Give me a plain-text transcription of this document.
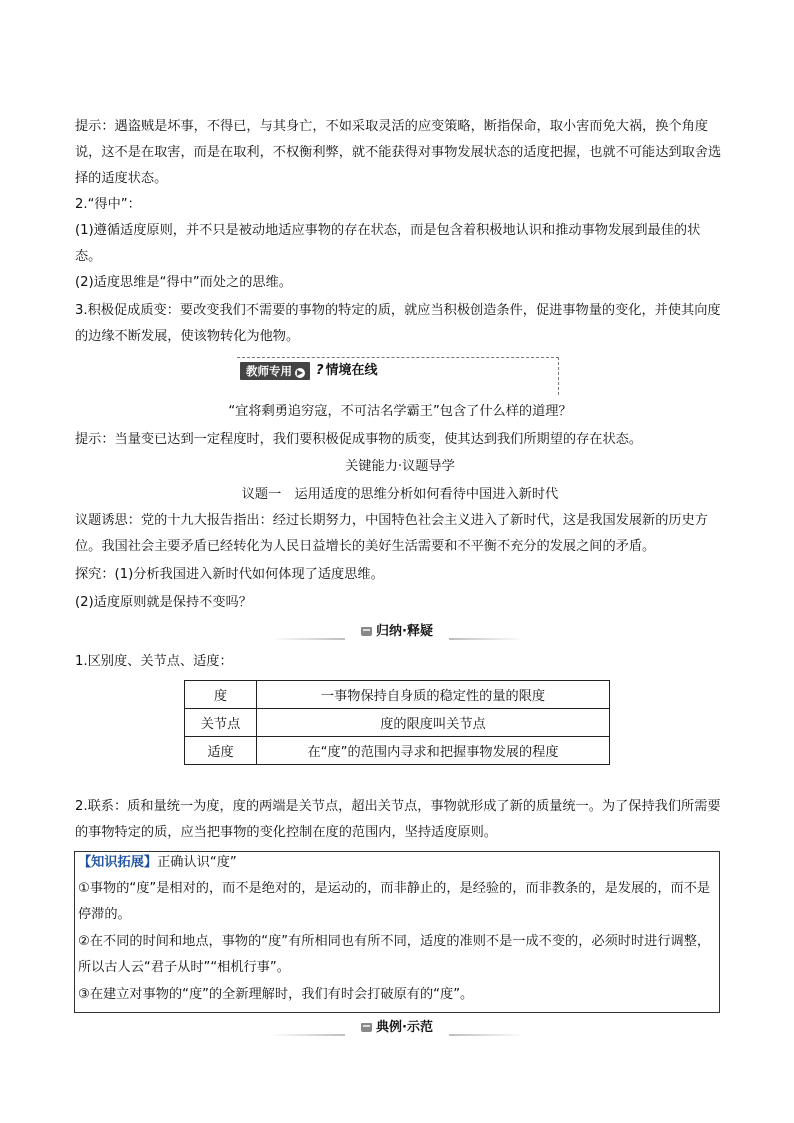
提示：遇盗贼是坏事，不得已，与其身亡，不如采取灵活的应变策略，断指保命，取小害而免大祸，换个角度说，这不是在取害，而是在取利，不权衡利弊，就不能获得对事物发展状态的适度把握，也就不可能达到取舍选择的适度状态。

2.“得中”：

(1)遵循适度原则，并不只是被动地适应事物的存在状态，而是包含着积极地认识和推动事物发展到最佳的状态。

(2)适度思维是“得中”而处之的思维。

3.积极促成质变：要改变我们不需要的事物的特定的质，就应当积极创造条件，促进事物量的变化，并使其向度的边缘不断发展，使该物转化为他物。

教师专用 ▶ ? 情境在线

“宜将剩勇追穷寇，不可沽名学霸王”包含了什么样的道理？

提示：当量变已达到一定程度时，我们要积极促成事物的质变，使其达到我们所期望的存在状态。

关键能力·议题导学

议题一　运用适度的思维分析如何看待中国进入新时代

议题诱思：党的十九大报告指出：经过长期努力，中国特色社会主义进入了新时代，这是我国发展新的历史方位。我国社会主要矛盾已经转化为人民日益增长的美好生活需要和不平衡不充分的发展之间的矛盾。

探究：(1)分析我国进入新时代如何体现了适度思维。

(2)适度原则就是保持不变吗？

归纳·释疑

1.区别度、关节点、适度：

度	一事物保持自身质的稳定性的量的限度
关节点	度的限度叫关节点
适度	在“度”的范围内寻求和把握事物发展的程度

2.联系：质和量统一为度，度的两端是关节点，超出关节点，事物就形成了新的质量统一。为了保持我们所需要的事物特定的质，应当把事物的变化控制在度的范围内，坚持适度原则。

【知识拓展】正确认识“度”

①事物的“度”是相对的，而不是绝对的，是运动的，而非静止的，是经验的，而非教条的，是发展的，而不是停滞的。

②在不同的时间和地点，事物的“度”有所相同也有所不同，适度的准则不是一成不变的，必须时时进行调整，所以古人云“君子从时”“相机行事”。

③在建立对事物的“度”的全新理解时，我们有时会打破原有的“度”。

典例·示范
